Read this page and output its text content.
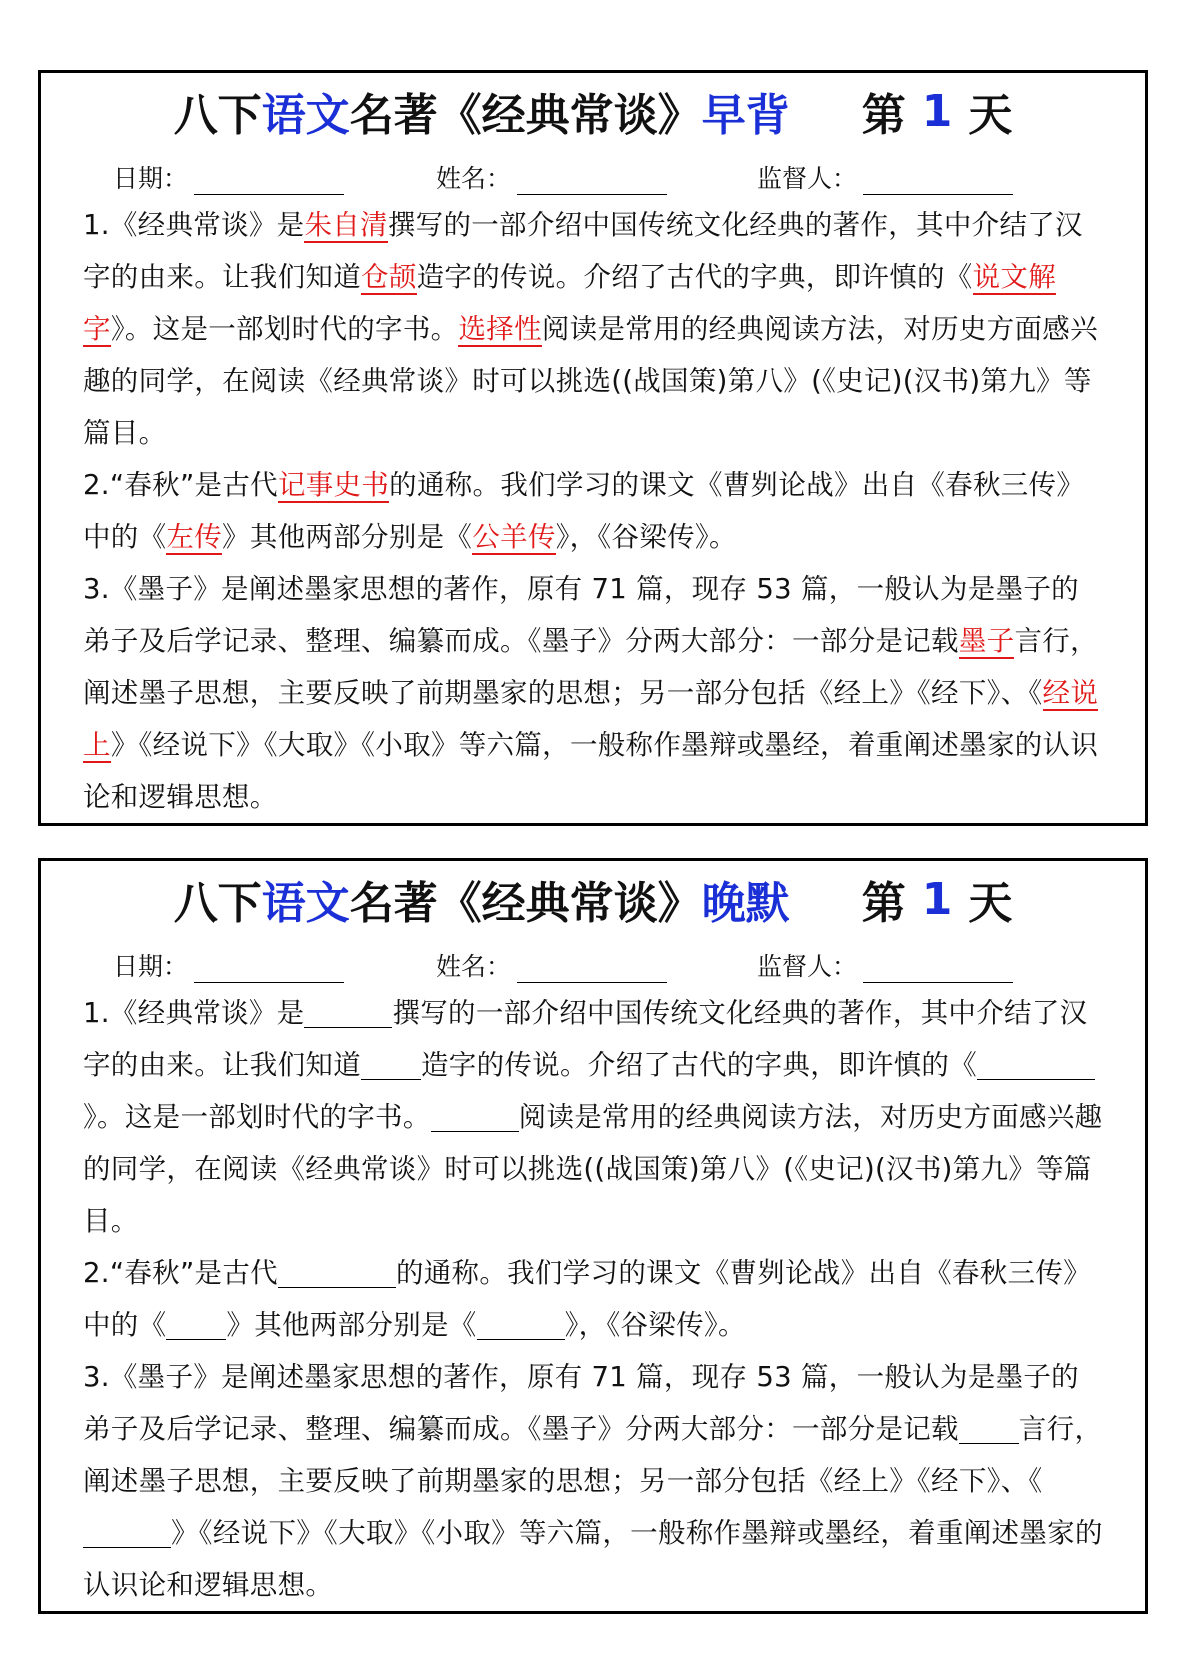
八下 语文 名著《经典常谈》 早背 第 1 天
日期：	姓名：	监督人：

1.《经典常谈》是朱自清撰写的一部介绍中国传统文化经典的著作，其中介结了汉字的由来。让我们知道仓颉造字的传说。介绍了古代的字典，即许慎的《说文解字》。这是一部划时代的字书。选择性阅读是常用的经典阅读方法，对历史方面感兴趣的同学，在阅读《经典常谈》时可以挑选((战国策)第八》(《史记)(汉书)第九》等篇目。

2.“春秋”是古代记事史书的通称。我们学习的课文《曹刿论战》出自《春秋三传》中的《左传》其他两部分别是《公羊传》，《谷梁传》。

3.《墨子》是阐述墨家思想的著作，原有 71 篇，现存 53 篇，一般认为是墨子的弟子及后学记录、整理、编纂而成。《墨子》分两大部分：一部分是记载墨子言行，阐述墨子思想，主要反映了前期墨家的思想；另一部分包括《经上》《经下》、《经说上》《经说下》《大取》《小取》等六篇，一般称作墨辩或墨经，着重阐述墨家的认识论和逻辑思想。

八下 语文 名著《经典常谈》 晚默 第 1 天
日期：	姓名：	监督人：

1.《经典常谈》是	撰写的一部介绍中国传统文化经典的著作，其中介结了汉字的由来。让我们知道 造字的传说。介绍了古代的字典，即许慎的《》。这是一部划时代的字书。	阅读是常用的经典阅读方法，对历史方面感兴趣的同学，在阅读《经典常谈》时可以挑选((战国策)第八》(《史记)(汉书)第九》等篇目。

2.“春秋”是古代	的通称。我们学习的课文《曹刿论战》出自《春秋三传》中的《 》其他两部分别是《	》，《谷梁传》。

3.《墨子》是阐述墨家思想的著作，原有 71 篇，现存 53 篇，一般认为是墨子的弟子及后学记录、整理、编纂而成。《墨子》分两大部分：一部分是记载 言行，阐述墨子思想，主要反映了前期墨家的思想；另一部分包括《经上》《经下》、《》《经说下》《大取》《小取》等六篇，一般称作墨辩或墨经，着重阐述墨家的认识论和逻辑思想。
